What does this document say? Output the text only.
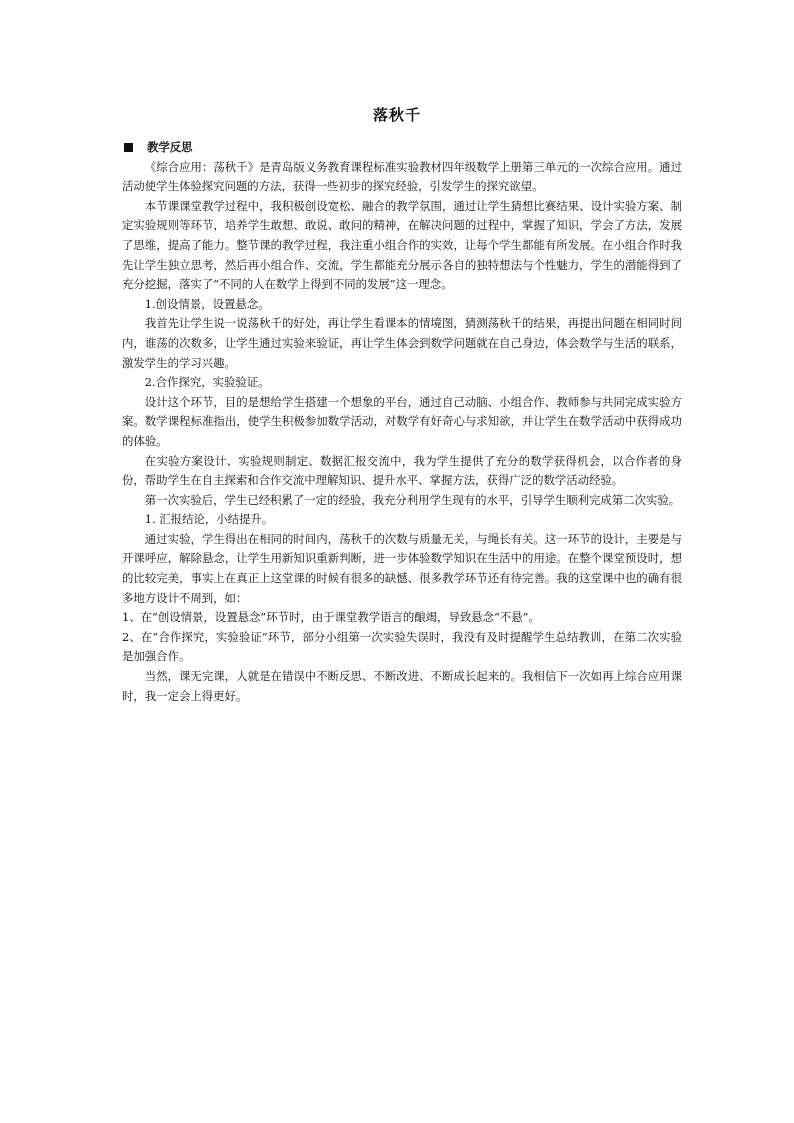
落秋千
教学反思

《综合应用：荡秋千》是青岛版义务教育课程标准实验教材四年级数学上册第三单元的一次综合应用。通过活动使学生体验探究问题的方法，获得一些初步的探究经验，引发学生的探究欲望。

本节课课堂教学过程中，我积极创设宽松、融合的教学氛围，通过让学生猜想比赛结果、设计实验方案、制定实验规则等环节，培养学生敢想、敢说、敢问的精神，在解决问题的过程中，掌握了知识，学会了方法，发展了思维，提高了能力。整节课的教学过程，我注重小组合作的实效，让每个学生都能有所发展。在小组合作时我先让学生独立思考，然后再小组合作、交流，学生都能充分展示各自的独特想法与个性魅力，学生的潜能得到了充分挖掘，落实了“不同的人在数学上得到不同的发展”这一理念。

1.创设情景，设置悬念。

我首先让学生说一说荡秋千的好处，再让学生看课本的情境图，猜测荡秋千的结果，再提出问题在相同时间内，谁荡的次数多，让学生通过实验来验证，再让学生体会到数学问题就在自己身边，体会数学与生活的联系，激发学生的学习兴趣。

2.合作探究，实验验证。

设计这个环节，目的是想给学生搭建一个想象的平台，通过自己动脑、小组合作、教师参与共同完成实验方案。数学课程标准指出，使学生积极参加数学活动，对数学有好奇心与求知欲，并让学生在数学活动中获得成功的体验。

在实验方案设计、实验规则制定、数据汇报交流中，我为学生提供了充分的数学获得机会，以合作者的身份，帮助学生在自主探索和合作交流中理解知识、提升水平、掌握方法，获得广泛的数学活动经验。

第一次实验后，学生已经积累了一定的经验，我充分利用学生现有的水平，引导学生顺利完成第二次实验。

1. 汇报结论，小结提升。

通过实验，学生得出在相同的时间内，荡秋千的次数与质量无关，与绳长有关。这一环节的设计，主要是与开课呼应，解除悬念，让学生用新知识重新判断，进一步体验数学知识在生活中的用途。在整个课堂预设时，想的比较完美，事实上在真正上这堂课的时候有很多的缺憾、很多教学环节还有待完善。我的这堂课中也的确有很多地方设计不周到，如：

1、在“创设情景，设置悬念”环节时，由于课堂教学语言的酿竭，导致悬念“不悬”。

2、在“合作探究，实验验证”环节，部分小组第一次实验失误时，我没有及时提醒学生总结教训，在第二次实验是加强合作。

当然，课无完课，人就是在错误中不断反思、不断改进、不断成长起来的。我相信下一次如再上综合应用课时，我一定会上得更好。
